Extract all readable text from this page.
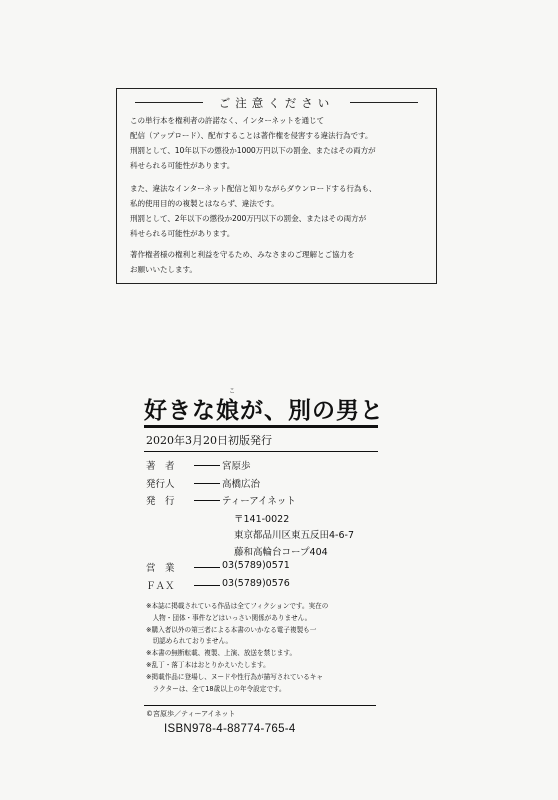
ご注意ください
この単行本を権利者の許諾なく、インターネットを通じて
配信（アップロード）、配布することは著作権を侵害する違法行為です。
刑罰として、10年以下の懲役か1000万円以下の罰金、またはその両方が
科せられる可能性があります。
また、違法なインターネット配信と知りながらダウンロードする行為も、
私的使用目的の複製とはならず、違法です。
刑罰として、2年以下の懲役か200万円以下の罰金、またはその両方が
科せられる可能性があります。
著作権者様の権利と利益を守るため、みなさまのご理解とご協力を
お願いいたします。
こ
好きな娘が、別の男と
2020年3月20日初版発行
著　者	宮原歩
発行人	高橋広治
発　行	ティーアイネット
〒141-0022
東京都品川区東五反田4-6-7
藤和高輪台コープ404
営　業	03(5789)0571
ＦＡＸ	03(5789)0576
※本誌に掲載されている作品は全てフィクションです。実在の
　人物・団体・事件などはいっさい関係がありません。
※購入者以外の第三者による本書のいかなる電子複製も一
　切認められておりません。
※本書の無断転載、複製、上演、放送を禁じます。
※乱丁・落丁本はおとりかえいたします。
※掲載作品に登場し、ヌードや性行為が描写されているキャ
　ラクターは、全て18歳以上の年令設定です。
©宮原歩／ティーアイネット
ISBN978-4-88774-765-4
